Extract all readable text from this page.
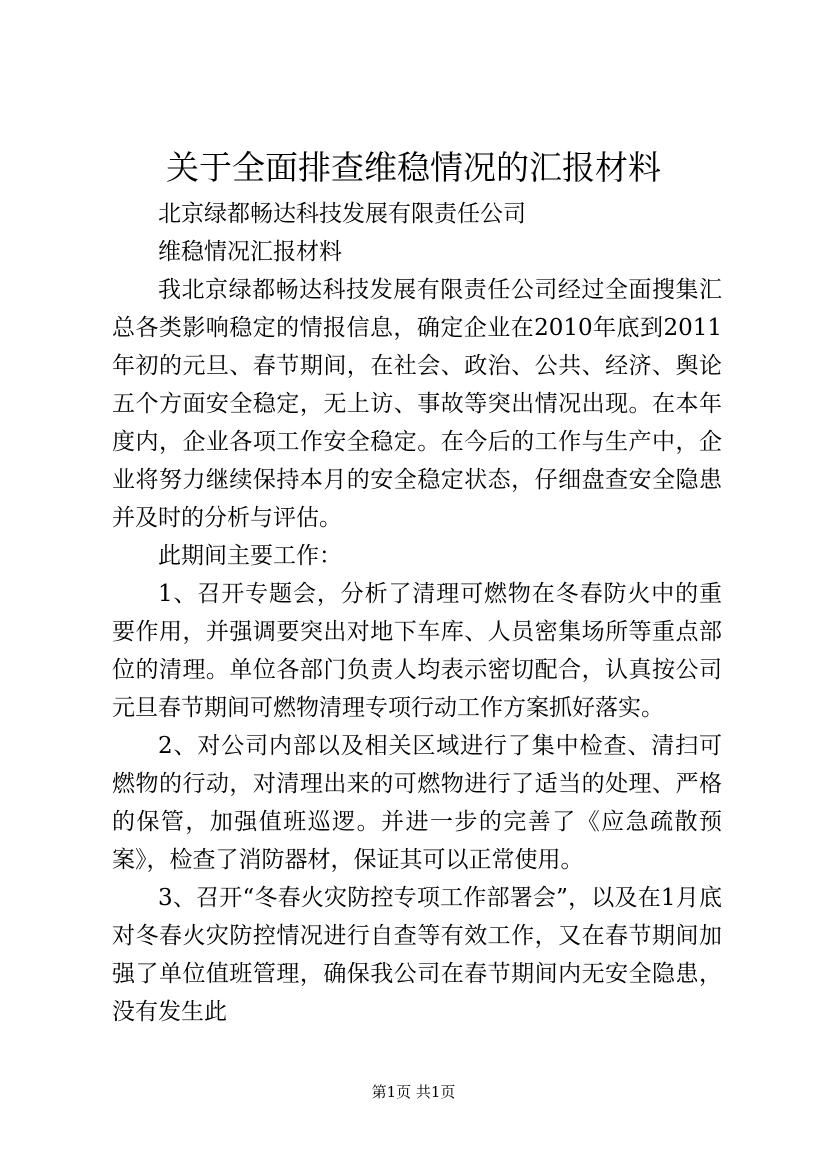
关于全面排查维稳情况的汇报材料

北京绿都畅达科技发展有限责任公司

维稳情况汇报材料

我北京绿都畅达科技发展有限责任公司经过全面搜集汇总各类影响稳定的情报信息，确定企业在2010年底到2011年初的元旦、春节期间，在社会、政治、公共、经济、舆论五个方面安全稳定，无上访、事故等突出情况出现。在本年度内，企业各项工作安全稳定。在今后的工作与生产中，企业将努力继续保持本月的安全稳定状态，仔细盘查安全隐患并及时的分析与评估。

此期间主要工作：

1、召开专题会，分析了清理可燃物在冬春防火中的重要作用，并强调要突出对地下车库、人员密集场所等重点部位的清理。单位各部门负责人均表示密切配合，认真按公司元旦春节期间可燃物清理专项行动工作方案抓好落实。

2、对公司内部以及相关区域进行了集中检查、清扫可燃物的行动，对清理出来的可燃物进行了适当的处理、严格的保管，加强值班巡逻。并进一步的完善了《应急疏散预案》，检查了消防器材，保证其可以正常使用。

3、召开“冬春火灾防控专项工作部署会”，以及在1月底对冬春火灾防控情况进行自查等有效工作，又在春节期间加强了单位值班管理，确保我公司在春节期间内无安全隐患，没有发生此

第1页 共1页
